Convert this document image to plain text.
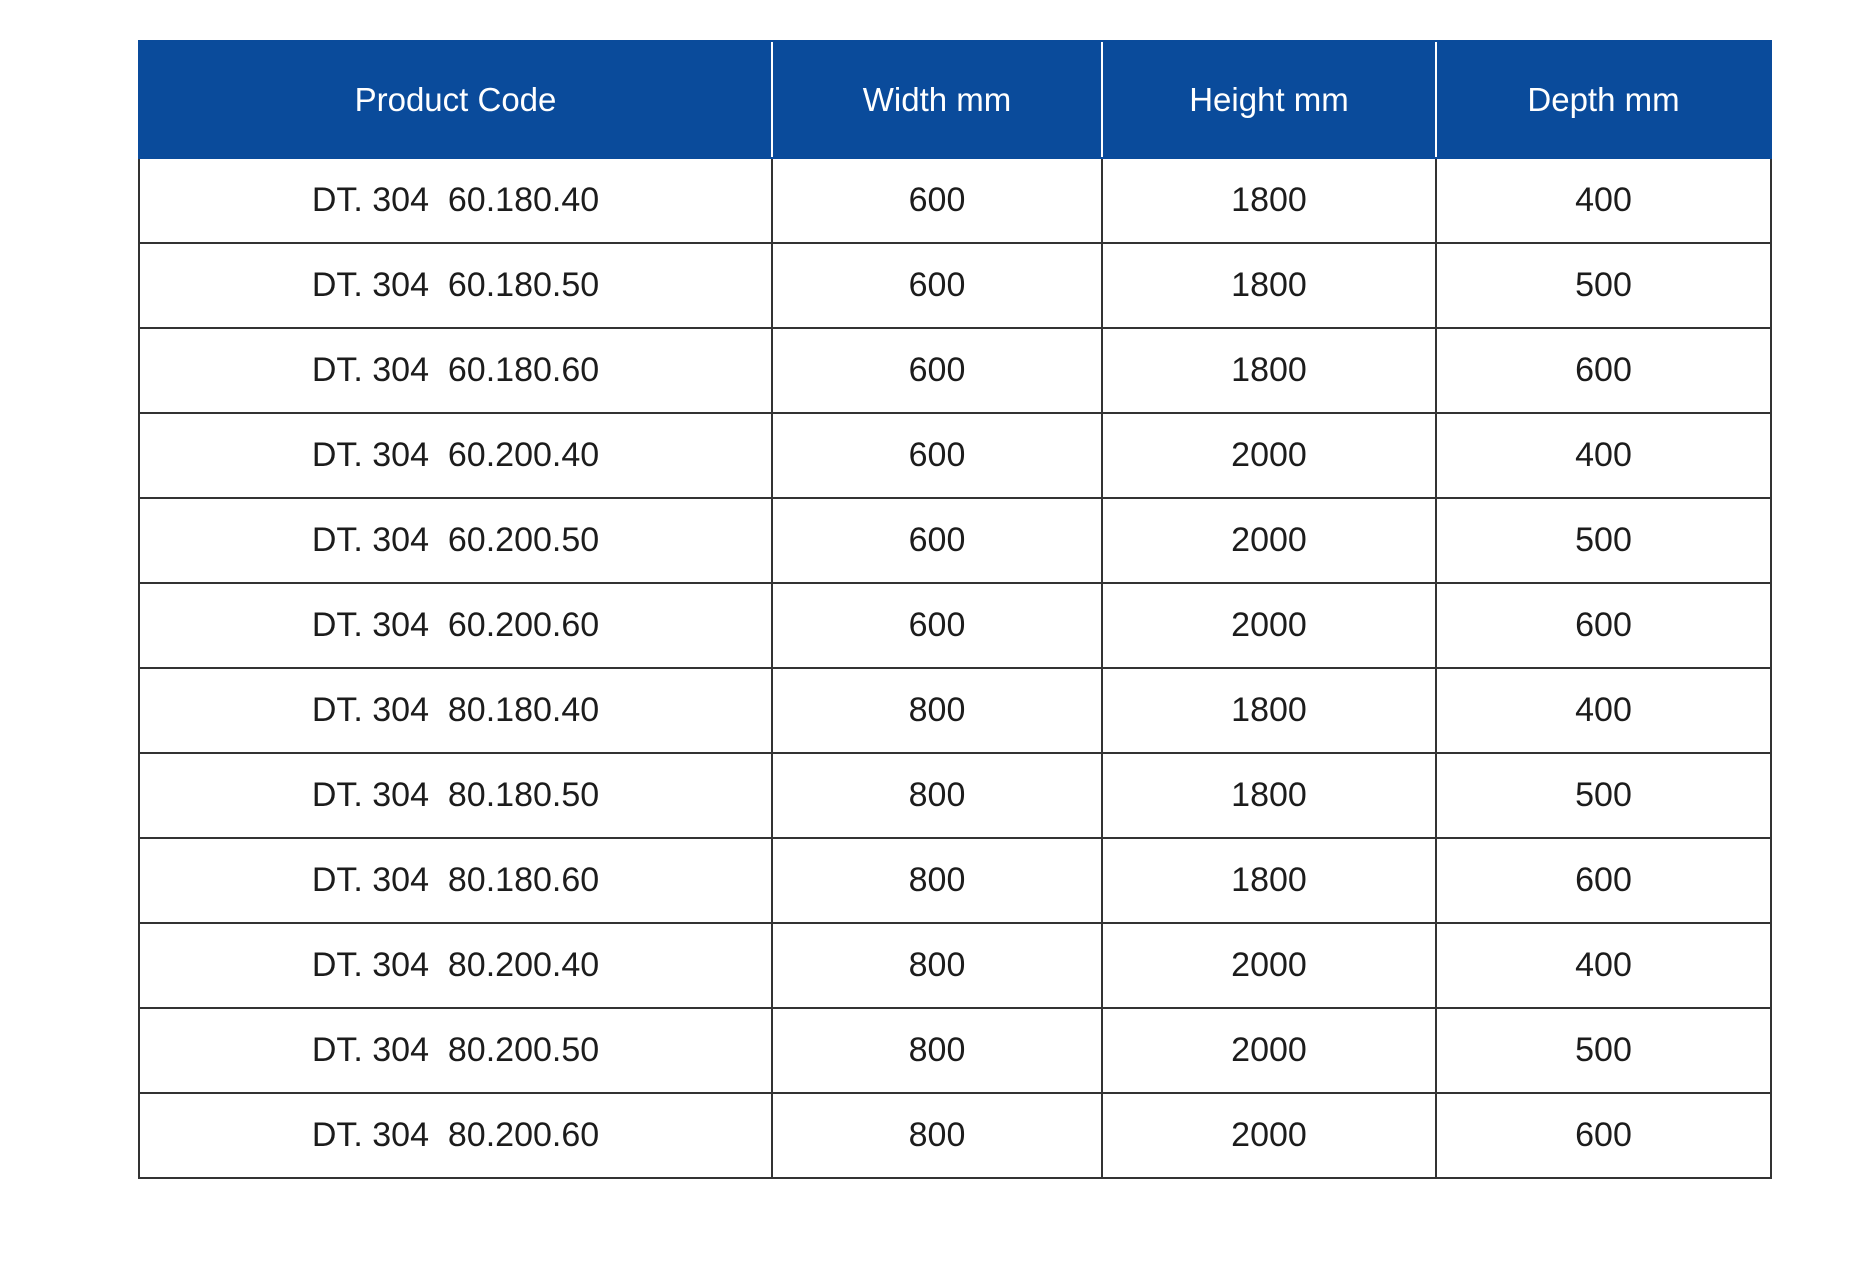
Product Code	Width mm	Height mm	Depth mm
DT. 304  60.180.40	600	1800	400
DT. 304  60.180.50	600	1800	500
DT. 304  60.180.60	600	1800	600
DT. 304  60.200.40	600	2000	400
DT. 304  60.200.50	600	2000	500
DT. 304  60.200.60	600	2000	600
DT. 304  80.180.40	800	1800	400
DT. 304  80.180.50	800	1800	500
DT. 304  80.180.60	800	1800	600
DT. 304  80.200.40	800	2000	400
DT. 304  80.200.50	800	2000	500
DT. 304  80.200.60	800	2000	600
